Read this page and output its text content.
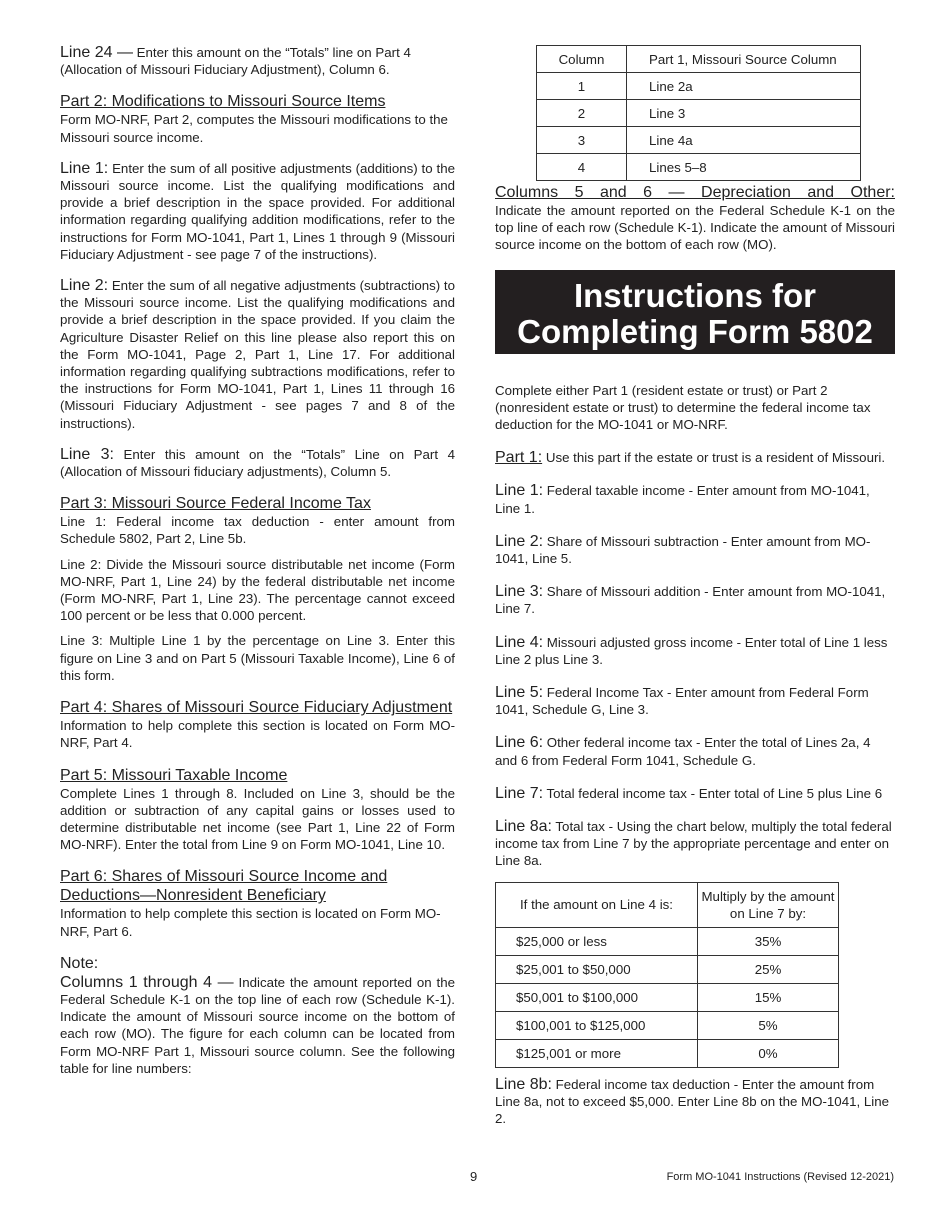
Line 24 — Enter this amount on the “Totals” line on Part 4 (Allocation of Missouri Fiduciary Adjustment), Column 6.

Part 2: Modifications to Missouri Source Items

Form MO-NRF, Part 2, computes the Missouri modifications to the Missouri source income.

Line 1: Enter the sum of all positive adjustments (additions) to the Missouri source income. List the qualifying modifications and provide a brief description in the space provided. For additional information regarding qualifying addition modifications, refer to the instructions for Form MO-1041, Part 1, Lines 1 through 9 (Missouri Fiduciary Adjustment - see page 7 of the instructions).

Line 2: Enter the sum of all negative adjustments (subtractions) to the Missouri source income. List the qualifying modifications and provide a brief description in the space provided. If you claim the Agriculture Disaster Relief on this line please also report this on the Form MO-1041, Page 2, Part 1, Line 17. For additional information regarding qualifying subtractions modifications, refer to the instructions for Form MO-1041, Part 1, Lines 11 through 16 (Missouri Fiduciary Adjustment - see pages 7 and 8 of the instructions).

Line 3: Enter this amount on the “Totals” Line on Part 4 (Allocation of Missouri fiduciary adjustments), Column 5.

Part 3: Missouri Source Federal Income Tax

Line 1: Federal income tax deduction - enter amount from Schedule 5802, Part 2, Line 5b.

Line 2: Divide the Missouri source distributable net income (Form MO-NRF, Part 1, Line 24) by the federal distributable net income (Form MO-NRF, Part 1, Line 23). The percentage cannot exceed 100 percent or be less that 0.000 percent.

Line 3: Multiple Line 1 by the percentage on Line 3. Enter this figure on Line 3 and on Part 5 (Missouri Taxable Income), Line 6 of this form.

Part 4: Shares of Missouri Source Fiduciary Adjustment

Information to help complete this section is located on Form MO-NRF, Part 4.

Part 5: Missouri Taxable Income

Complete Lines 1 through 8. Included on Line 3, should be the addition or subtraction of any capital gains or losses used to determine distributable net income (see Part 1, Line 22 of Form MO-NRF). Enter the total from Line 9 on Form MO-1041, Line 10.

Part 6: Shares of Missouri Source Income and Deductions—Nonresident Beneficiary

Information to help complete this section is located on Form MO-NRF, Part 6.

Note:

Columns 1 through 4 — Indicate the amount reported on the Federal Schedule K-1 on the top line of each row (Schedule K-1). Indicate the amount of Missouri source income on the bottom of each row (MO). The figure for each column can be located from Form MO-NRF Part 1, Missouri source column. See the following table for line numbers:

Column	Part 1, Missouri Source Column
1	Line 2a
2	Line 3
3	Line 4a
4	Lines 5–8

Columns 5 and 6 — Depreciation and Other:

Indicate the amount reported on the Federal Schedule K-1 on the top line of each row (Schedule K-1). Indicate the amount of Missouri source income on the bottom of each row (MO).

Instructions for
Completing Form 5802

Complete either Part 1 (resident estate or trust) or Part 2 (nonresident estate or trust) to determine the federal income tax deduction for the MO-1041 or MO-NRF.

Part 1: Use this part if the estate or trust is a resident of Missouri.

Line 1: Federal taxable income - Enter amount from MO-1041, Line 1.

Line 2: Share of Missouri subtraction - Enter amount from MO-1041, Line 5.

Line 3: Share of Missouri addition - Enter amount from MO-1041, Line 7.

Line 4: Missouri adjusted gross income - Enter total of Line 1 less Line 2 plus Line 3.

Line 5: Federal Income Tax - Enter amount from Federal Form 1041, Schedule G, Line 3.

Line 6: Other federal income tax - Enter the total of Lines 2a, 4 and 6 from Federal Form 1041, Schedule G.

Line 7: Total federal income tax - Enter total of Line 5 plus Line 6

Line 8a: Total tax - Using the chart below, multiply the total federal income tax from Line 7 by the appropriate percentage and enter on Line 8a.

If the amount on Line 4 is:	Multiply by the amount on Line 7 by:
$25,000 or less	35%
$25,001 to $50,000	25%
$50,001 to $100,000	15%
$100,001 to $125,000	5%
$125,001 or more	0%

Line 8b: Federal income tax deduction - Enter the amount from Line 8a, not to exceed $5,000. Enter Line 8b on the MO-1041, Line 2.

9	Form MO-1041 Instructions (Revised 12-2021)
